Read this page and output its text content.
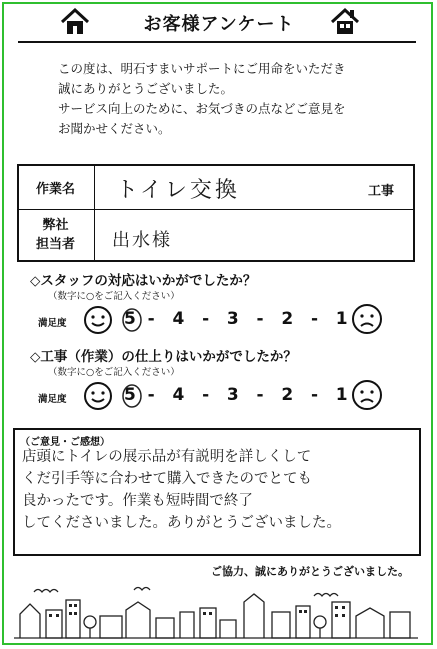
お客様アンケート
この度は、明石すまいサポートにご用命をいただき
誠にありがとうございました。
サービス向上のために、お気づきの点などご意見を
お聞かせください。
作業名	トイレ交換	工事
弊社
担当者	出水様
◇スタッフの対応はいかがでしたか？
（数字に○をご記入ください）
満足度	5  -   4   -   3   -   2   -   1
◇工事（作業）の仕上りはいかがでしたか？
（数字に○をご記入ください）
満足度	5  -   4   -   3   -   2   -   1
（ご意見・ご感想）
店頭にトイレの展示品が有説明を詳しくして
くだ引手等に合わせて購入できたのでとても
良かったです。作業も短時間で終了
してくださいました。ありがとうございました。
ご協力、誠にありがとうございました。
